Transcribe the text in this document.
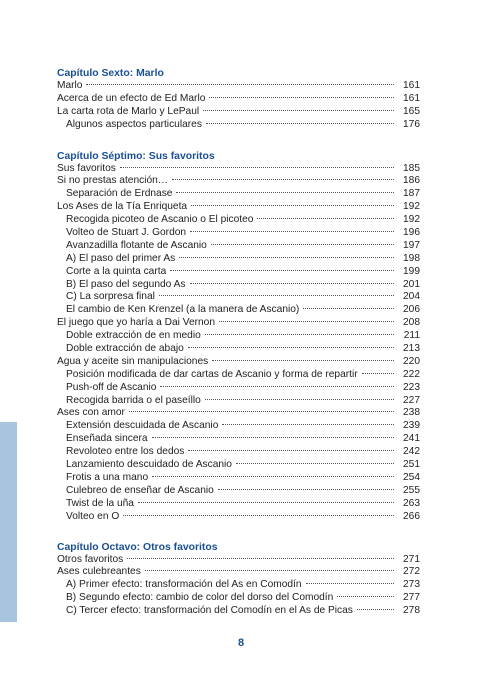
Capítulo Sexto: Marlo
Marlo	161
Acerca de un efecto de Ed Marlo	161
La carta rota de Marlo y LePaul	165
Algunos aspectos particulares	176
Capítulo Séptimo: Sus favoritos
Sus favoritos	185
Si no prestas atención…	186
Separación de Erdnase	187
Los Ases de la Tía Enriqueta	192
Recogida picoteo de Ascanio o El picoteo	192
Volteo de Stuart J. Gordon	196
Avanzadilla flotante de Ascanio	197
A) El paso del primer As	198
Corte a la quinta carta	199
B) El paso del segundo As	201
C) La sorpresa final	204
El cambio de Ken Krenzel (a la manera de Ascanio)	206
El juego que yo haría a Dai Vernon	208
Doble extracción de en medio	211
Doble extracción de abajo	213
Agua y aceite sin manipulaciones	220
Posición modificada de dar cartas de Ascanio y forma de repartir	222
Push-off de Ascanio	223
Recogida barrida o el paseíllo	227
Ases con amor	238
Extensión descuidada de Ascanio	239
Enseñada sincera	241
Revoloteo entre los dedos	242
Lanzamiento descuidado de Ascanio	251
Frotis a una mano	254
Culebreo de enseñar de Ascanio	255
Twist de la uña	263
Volteo en O	266
Capítulo Octavo: Otros favoritos
Otros favoritos	271
Ases culebreantes	272
A) Primer efecto: transformación del As en Comodín	273
B) Segundo efecto: cambio de color del dorso del Comodín	277
C) Tercer efecto: transformación del Comodín en el As de Picas	278
8
